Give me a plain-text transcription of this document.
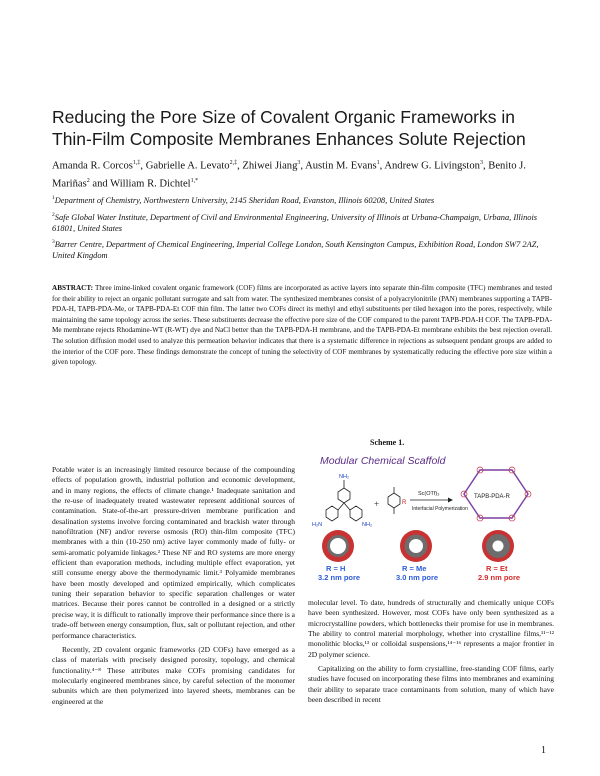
Reducing the Pore Size of Covalent Organic Frameworks in Thin-Film Composite Membranes Enhances Solute Rejection
Amanda R. Corcos$^{1,\ddagger}$, Gabrielle A. Levato$^{2,\ddagger}$, Zhiwei Jiang$^3$, Austin M. Evans$^1$, Andrew G. Livingston$^3$, Benito J. Mariñas$^2$ and William R. Dichtel$^{1,*}$
$^1$Department of Chemistry, Northwestern University, 2145 Sheridan Road, Evanston, Illinois 60208, United States
$^2$Safe Global Water Institute, Department of Civil and Environmental Engineering, University of Illinois at Urbana-Champaign, Urbana, Illinois 61801, United States
$^3$Barrer Centre, Department of Chemical Engineering, Imperial College London, South Kensington Campus, Exhibition Road, London SW7 2AZ, United Kingdom
ABSTRACT: Three imine-linked covalent organic framework (COF) films are incorporated as active layers into separate thin-film composite (TFC) membranes and tested for their ability to reject an organic pollutant surrogate and salt from water. The synthesized membranes consist of a polyacrylonitrile (PAN) membranes supporting a TAPB-PDA-H, TAPB-PDA-Me, or TAPB-PDA-Et COF thin film. The latter two COFs direct its methyl and ethyl substituents per tiled hexagon into the pores, respectively, while maintaining the same topology across the series. These substituents decrease the effective pore size of the COF compared to the parent TAPB-PDA-H COF. The TAPB-PDA-Me membrane rejects Rhodamine-WT (R-WT) dye and NaCl better than the TAPB-PDA-H membrane, and the TAPB-PDA-Et membrane exhibits the best rejection overall. The solution diffusion model used to analyze this permeation behavior indicates that there is a systematic difference in rejections as subsequent pendant groups are added to the interior of the COF pore. These findings demonstrate the concept of tuning the selectivity of COF membranes by systematically reducing the effective pore size within a given topology.

Potable water is an increasingly limited resource because of the compounding effects of population growth, industrial pollution and economic development, and in many regions, the effects of climate change.¹ Inadequate sanitation and the re-use of inadequately treated wastewater represent additional sources of contamination. State-of-the-art pressure-driven membrane purification and desalination systems involve forcing contaminated and brackish water through nanofiltration (NF) and/or reverse osmosis (RO) thin-film composite (TFC) membranes with a thin (10-250 nm) active layer commonly made of fully- or semi-aromatic polyamide linkages.² These NF and RO systems are more energy efficient than evaporation methods, including multiple effect evaporation, yet still consume energy above the thermodynamic limit.³ Polyamide membranes have been mostly developed and optimized empirically, which complicates tuning their separation behavior to specific separation challenges or water matrices. Because their pores cannot be controlled in a designed or a strictly precise way, it is difficult to rationally improve their performance since there is a trade-off between energy consumption, flux, salt or pollutant rejection, and other performance characteristics.

Recently, 2D covalent organic frameworks (2D COFs) have emerged as a class of materials with precisely designed porosity, topology, and chemical functionality.⁴⁻⁸ These attributes make COFs promising candidates for molecularly engineered membranes since, by careful selection of the monomer subunits which are then polymerized into layered sheets, membranes can be engineered at the

Scheme 1.
Modular Chemical Scaffold
NH₂
H₂N	NH₂
+	R
Sc(OTf)₃
Interfacial Polymerization
TAPB-PDA-R
R = H
3.2 nm pore
R = Me
3.0 nm pore
R = Et
2.9 nm pore

molecular level. To date, hundreds of structurally and chemically unique COFs have been synthesized. However, most COFs have only been synthesized as a microcrystalline powders, which bottlenecks their promise for use in membranes. The ability to control material morphology, whether into crystalline films,¹¹⁻¹² monolithic blocks,¹³ or colloidal suspensions,¹⁴⁻¹⁶ represents a major frontier in 2D polymer science.

Capitalizing on the ability to form crystalline, free-standing COF films, early studies have focused on incorporating these films into membranes and examining their ability to separate trace contaminants from solution, many of which have been described in recent

1
